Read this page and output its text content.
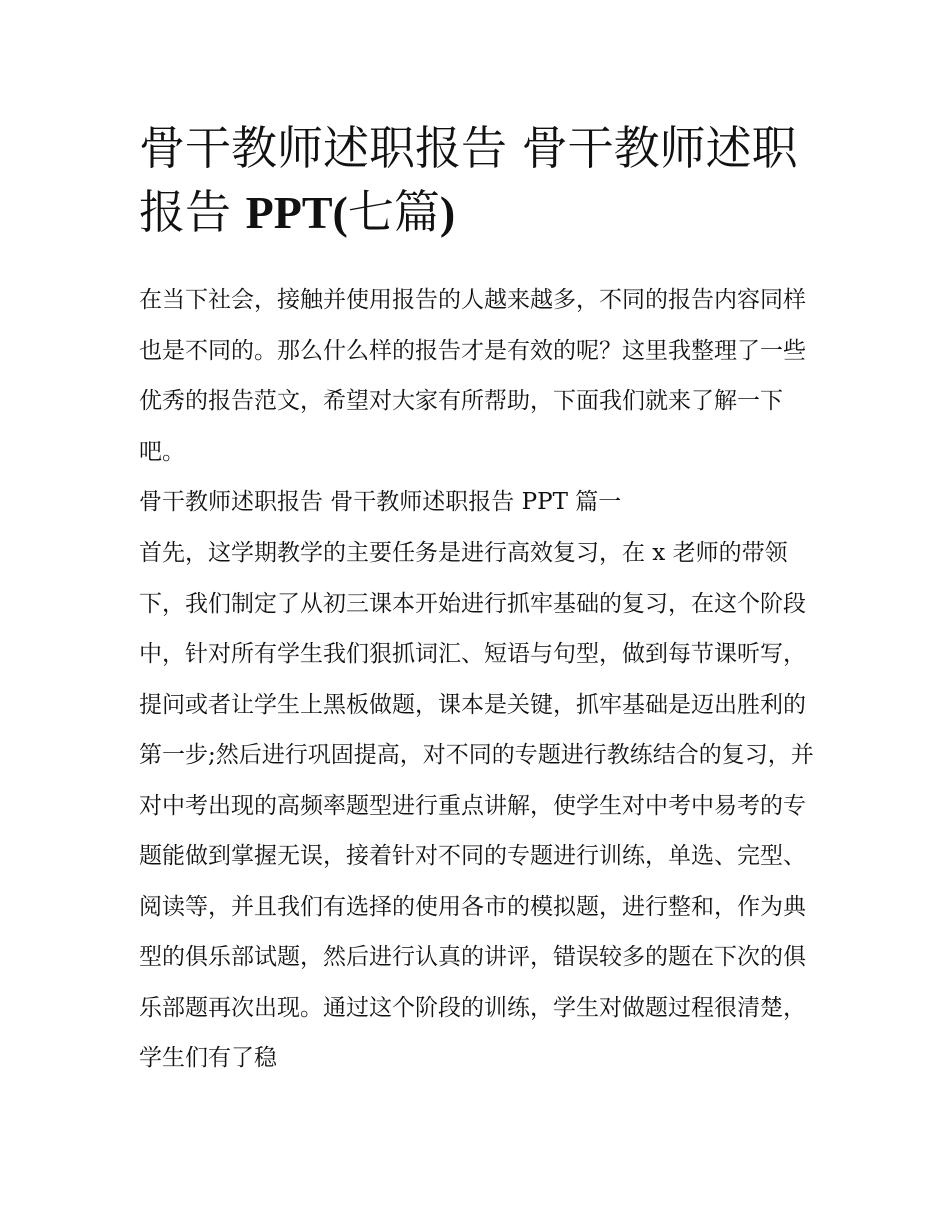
骨干教师述职报告 骨干教师述职报告 PPT(七篇)

在当下社会，接触并使用报告的人越来越多，不同的报告内容同样也是不同的。那么什么样的报告才是有效的呢？这里我整理了一些优秀的报告范文，希望对大家有所帮助，下面我们就来了解一下吧。

骨干教师述职报告 骨干教师述职报告 PPT 篇一

首先，这学期教学的主要任务是进行高效复习，在 x 老师的带领下，我们制定了从初三课本开始进行抓牢基础的复习，在这个阶段中，针对所有学生我们狠抓词汇、短语与句型，做到每节课听写，提问或者让学生上黑板做题，课本是关键，抓牢基础是迈出胜利的第一步;然后进行巩固提高，对不同的专题进行教练结合的复习，并对中考出现的高频率题型进行重点讲解，使学生对中考中易考的专题能做到掌握无误，接着针对不同的专题进行训练，单选、完型、阅读等，并且我们有选择的使用各市的模拟题，进行整和，作为典型的俱乐部试题，然后进行认真的讲评，错误较多的题在下次的俱乐部题再次出现。通过这个阶段的训练，学生对做题过程很清楚，学生们有了稳
